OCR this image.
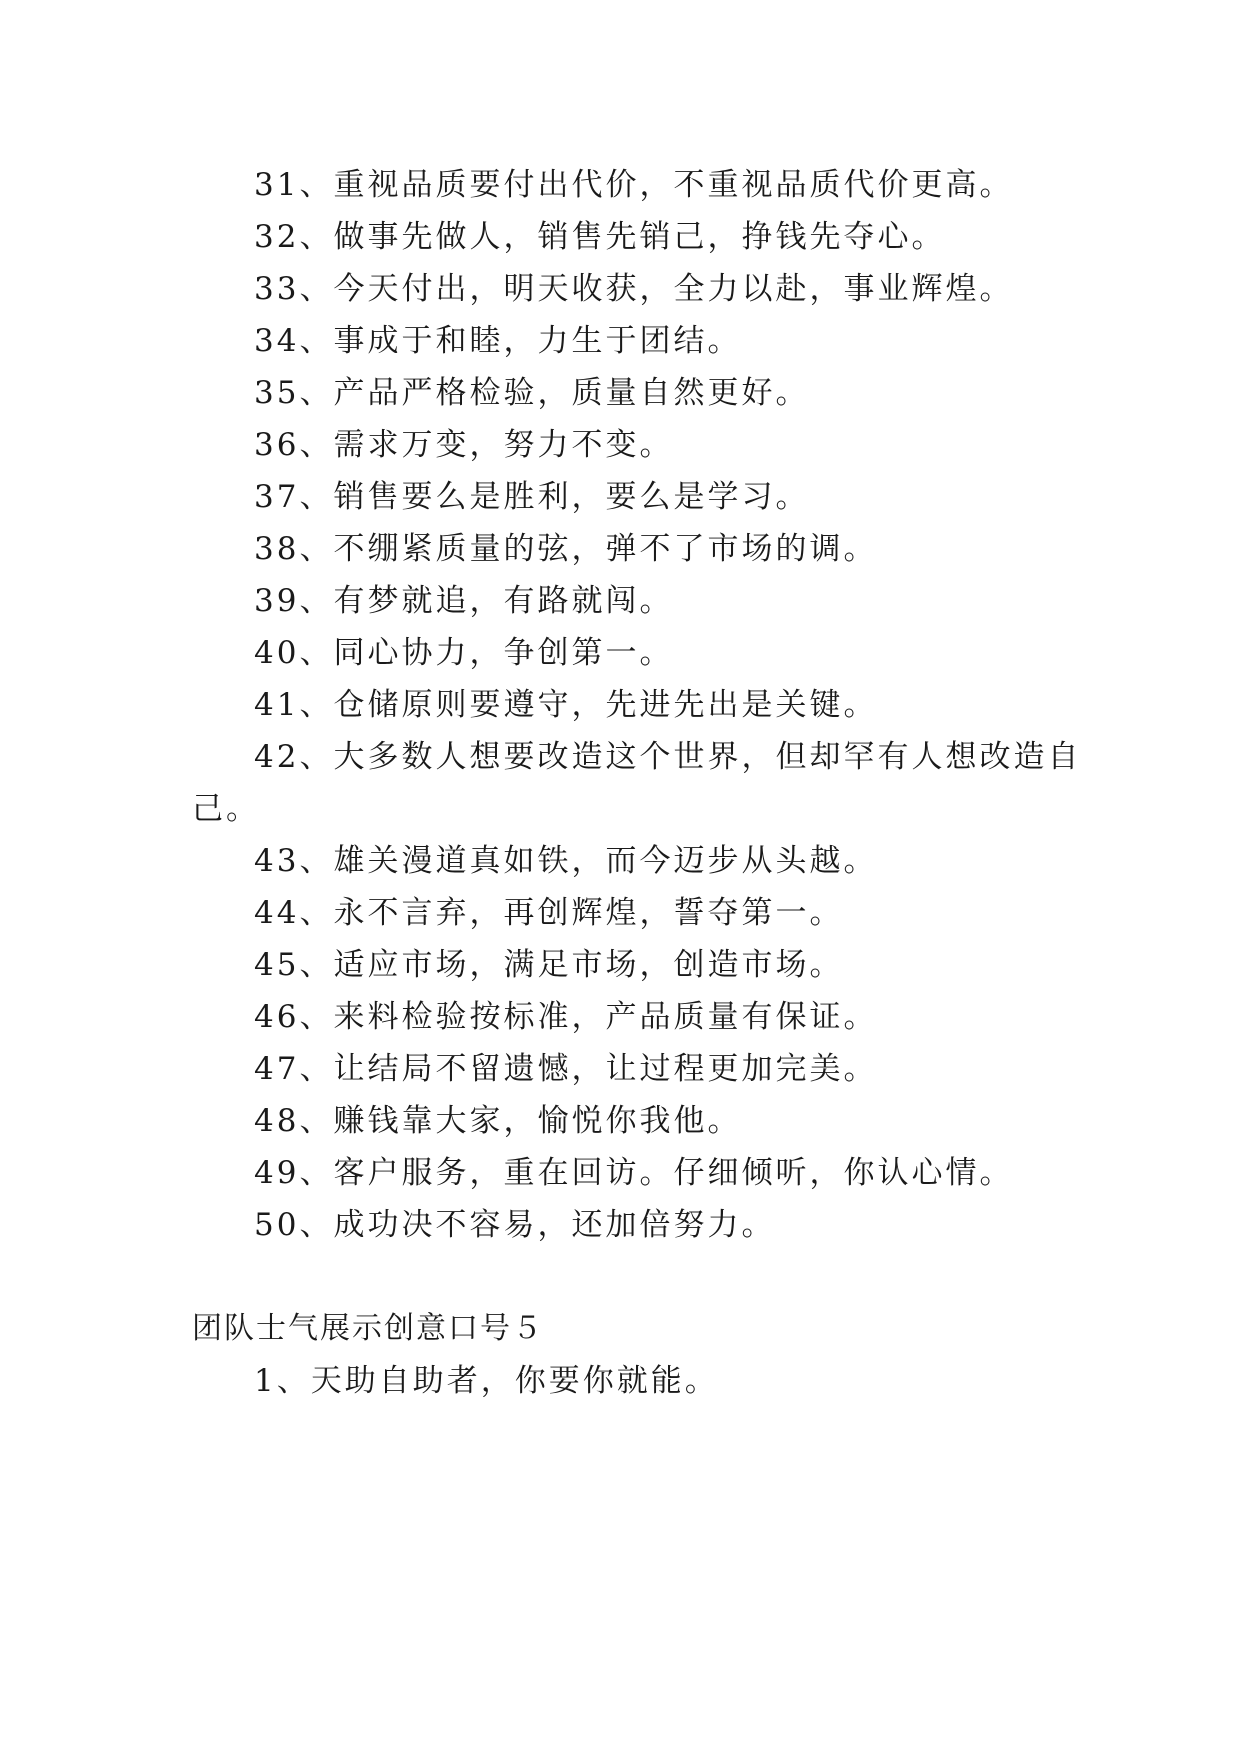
31、重视品质要付出代价，不重视品质代价更高。
32、做事先做人，销售先销己，挣钱先夺心。
33、今天付出，明天收获，全力以赴，事业辉煌。
34、事成于和睦，力生于团结。
35、产品严格检验，质量自然更好。
36、需求万变，努力不变。
37、销售要么是胜利，要么是学习。
38、不绷紧质量的弦，弹不了市场的调。
39、有梦就追，有路就闯。
40、同心协力，争创第一。
41、仓储原则要遵守，先进先出是关键。
42、大多数人想要改造这个世界，但却罕有人想改造自
己。
43、雄关漫道真如铁，而今迈步从头越。
44、永不言弃，再创辉煌，誓夺第一。
45、适应市场，满足市场，创造市场。
46、来料检验按标准，产品质量有保证。
47、让结局不留遗憾，让过程更加完美。
48、赚钱靠大家，愉悦你我他。
49、客户服务，重在回访。仔细倾听，你认心情。
50、成功决不容易，还加倍努力。
团队士气展示创意口号５
1、天助自助者，你要你就能。
